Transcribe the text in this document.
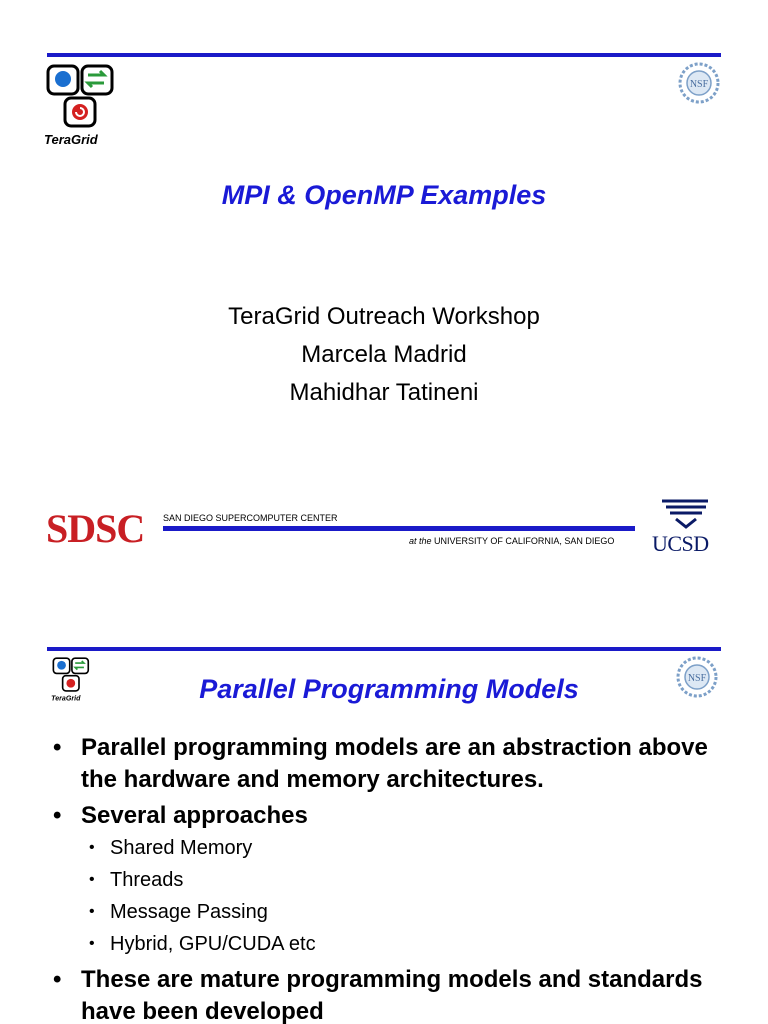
TeraGrid
NSF
MPI & OpenMP Examples
TeraGrid Outreach Workshop
Marcela Madrid
Mahidhar Tatineni
SDSC SAN DIEGO SUPERCOMPUTER CENTER
at the UNIVERSITY OF CALIFORNIA, SAN DIEGO UCSD
TeraGrid
NSF
Parallel Programming Models
• Parallel programming models are an abstraction above the hardware and memory architectures.
• Several approaches
• Shared Memory
• Threads
• Message Passing
• Hybrid, GPU/CUDA etc
• These are mature programming models and standards have been developed
